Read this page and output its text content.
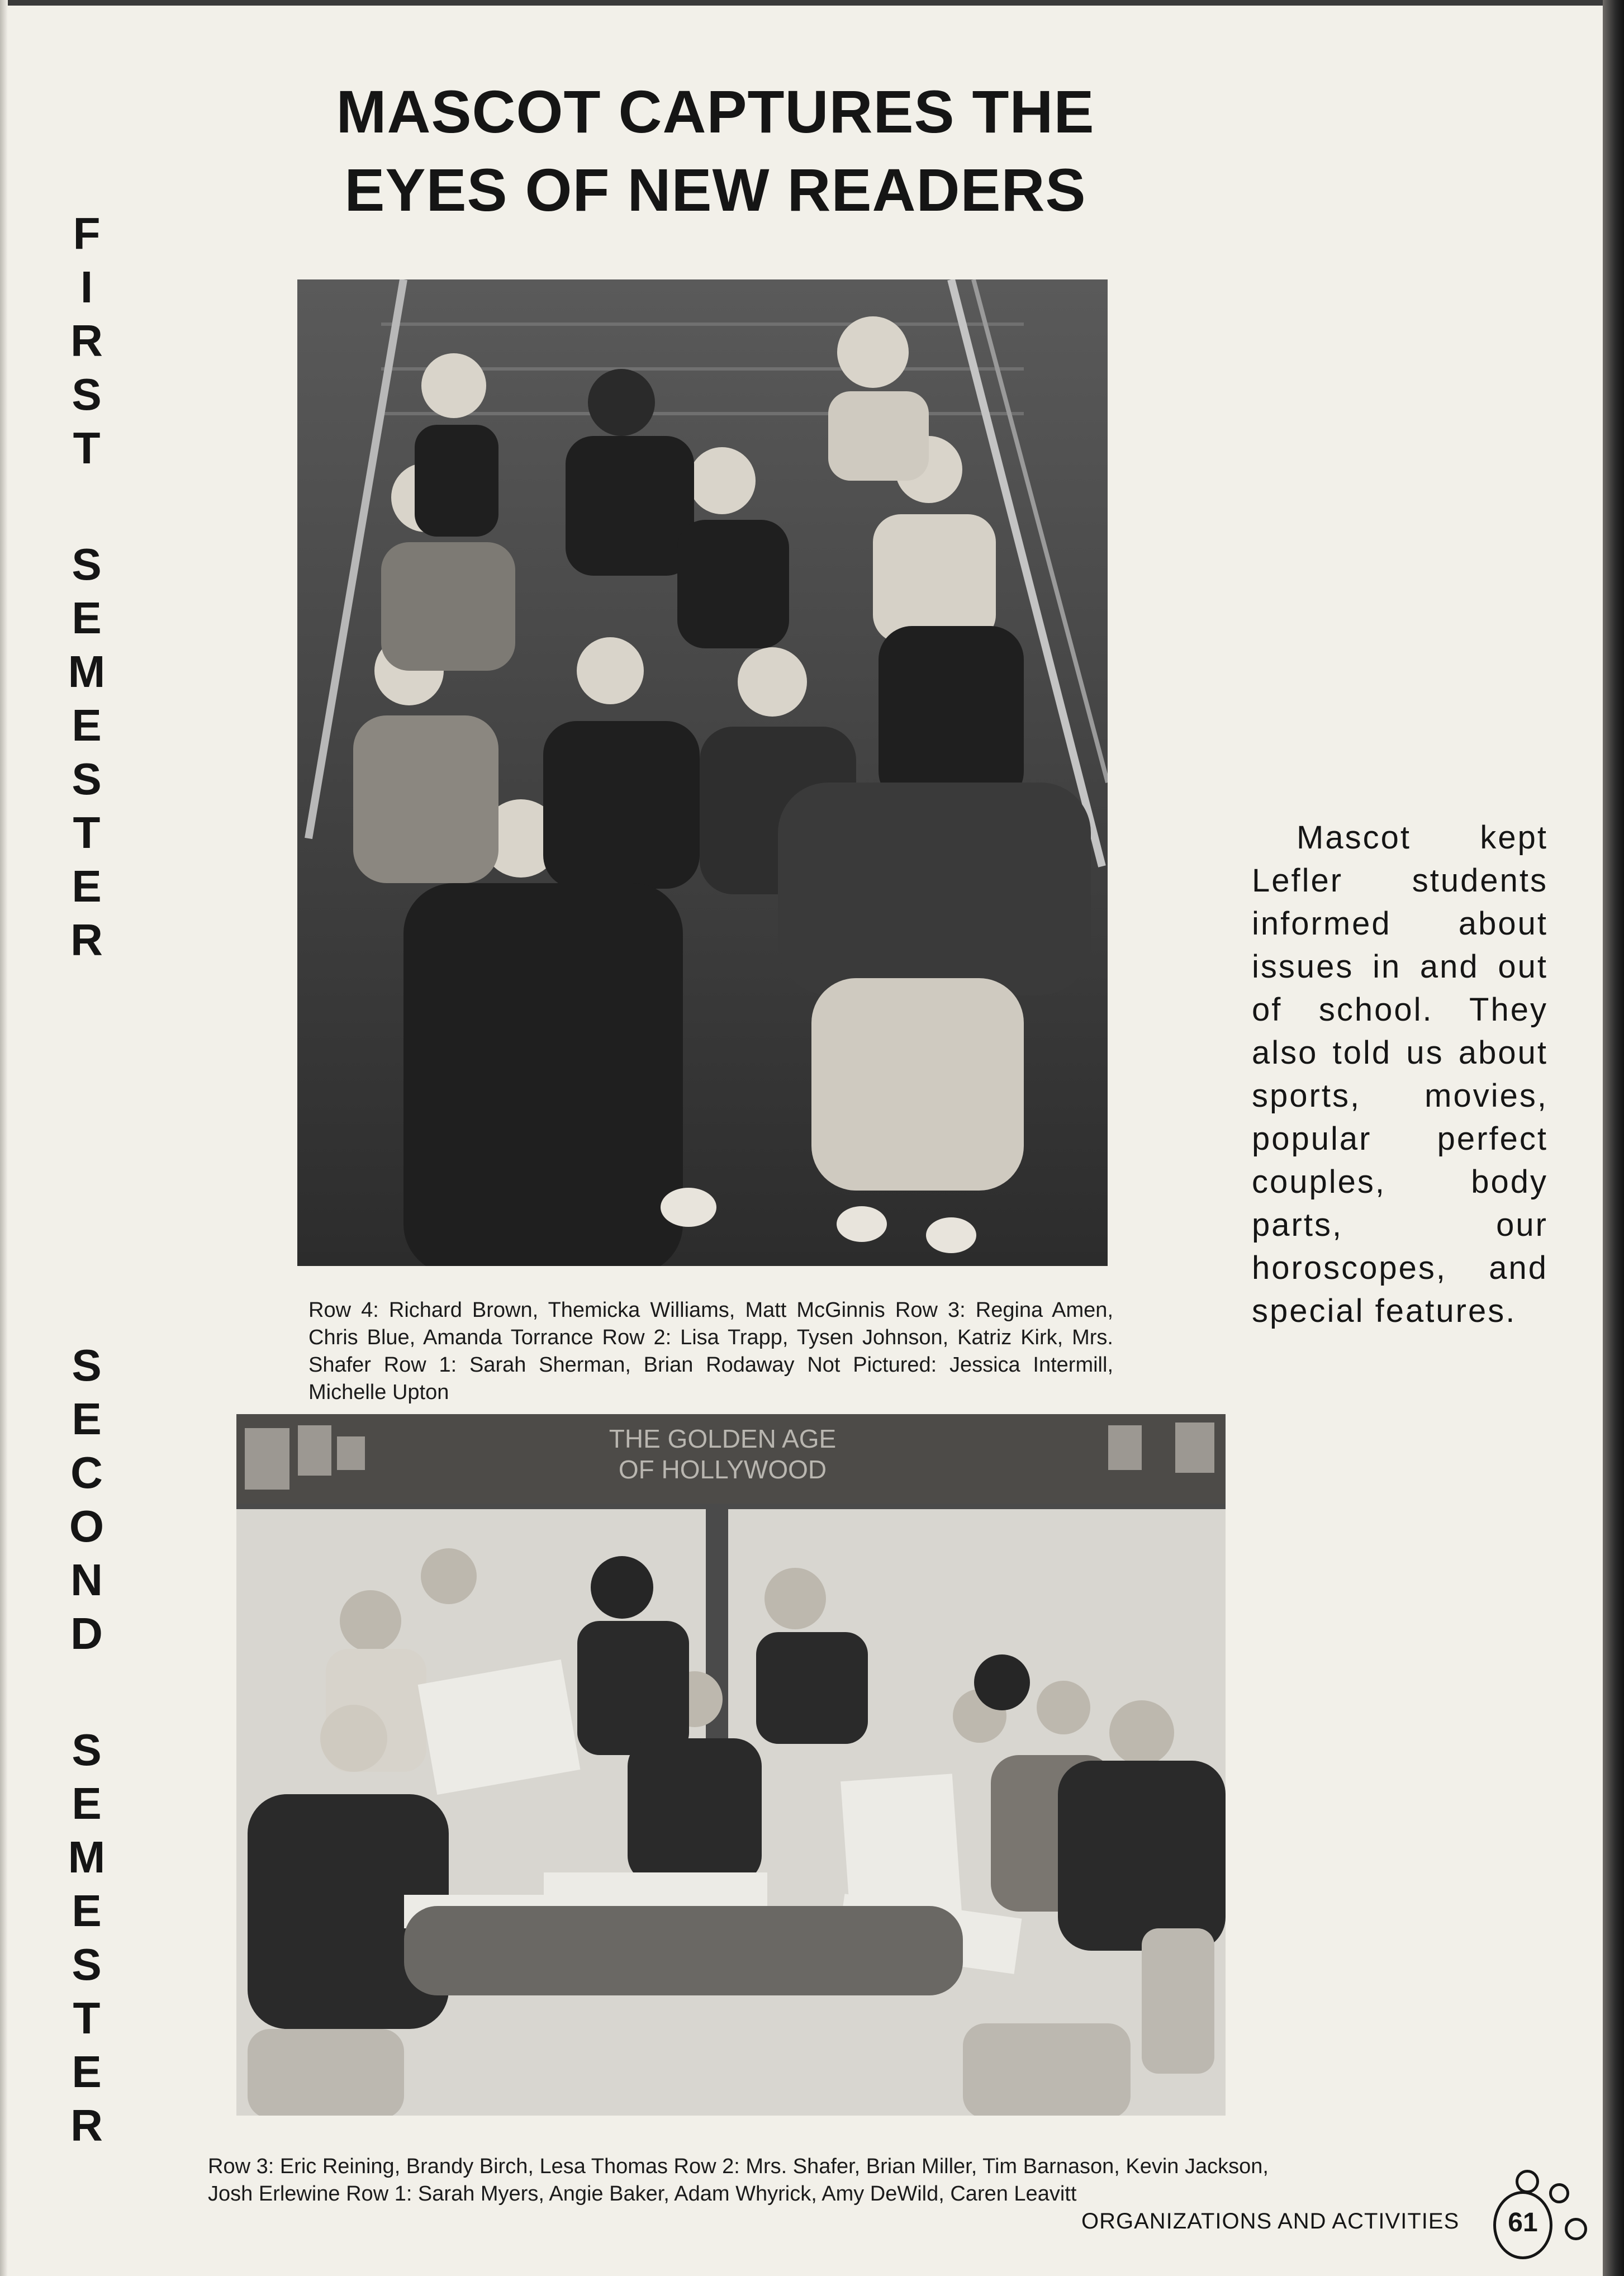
MASCOT CAPTURES THE
EYES OF NEW READERS
F
I
R
S
T
S
E
M
E
S
T
E
R
S
E
C
O
N
D
S
E
M
E
S
T
E
R
Row 4: Richard Brown, Themicka Williams, Matt McGinnis Row 3: Regina Amen, Chris Blue, Amanda Torrance Row 2: Lisa Trapp, Tysen Johnson, Katriz Kirk, Mrs. Shafer Row 1: Sarah Sherman, Brian Rodaway Not Pictured: Jessica Intermill, Michelle Upton
Mascot kept Lefler students informed about issues in and out of school. They also told us about sports, movies, popular perfect couples, body parts, our horoscopes, and special features.
THE GOLDEN AGE
OF HOLLYWOOD
Row 3: Eric Reining, Brandy Birch, Lesa Thomas Row 2: Mrs. Shafer, Brian Miller, Tim Barnason, Kevin Jackson, Josh Erlewine Row 1: Sarah Myers, Angie Baker, Adam Whyrick, Amy DeWild, Caren Leavitt
ORGANIZATIONS AND ACTIVITIES	61
